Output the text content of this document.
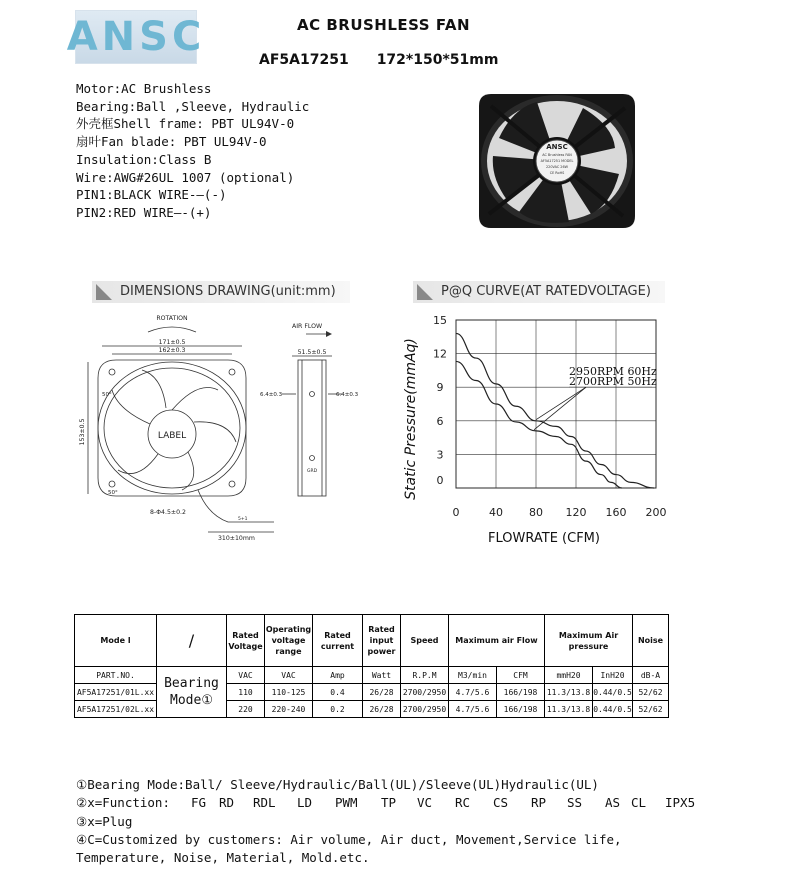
ANSC	AC BRUSHLESS FAN
AF5A17251 172*150*51mm
Motor:AC Brushless
Bearing:Ball ,Sleeve, Hydraulic
外壳框Shell frame: PBT UL94V-0
扇叶Fan blade: PBT UL94V-0
Insulation:Class B
Wire:AWG#26UL 1007 (optional)
PIN1:BLACK WIRE-—(-)
PIN2:RED WIRE—-(+)
ANSC
AC Brushless FAN
AF5A17251 MODEL
220VAC 26W
CE RoHS
DIMENSIONS DRAWING(unit:mm)	P@Q CURVE(AT RATEDVOLTAGE)
ROTATION
171±0.5
162±0.3
153±0.5	LABEL
50°
50°
8-Φ4.5±0.2
310±10mm
5+1
AIR FLOW
51.5±0.5
6.4±0.3	6.4±0.3
GRD
0	40 80 120 160 200
0
3
6
9
12
15
2950RPM 60Hz
2700RPM 50Hz
FLOWRATE (CFM)
Static Pressure(mmAq)
Mode l	/	Rated Voltage	Operating voltage range	Rated current	Rated input power	Speed	Maximum air Flow		Maximum Air pressure		Noise
PART.NO.	Bearing Mode①	VAC	VAC	Amp	Watt	R.P.M	M3/min	CFM	mmH20	InH20	dB-A
AF5A17251/01L.xx		110	110-125	0.4	26/28	2700/2950	4.7/5.6	166/198	11.3/13.8	0.44/0.5	52/62
AF5A17251/02L.xx		220	220-240	0.2	26/28	2700/2950	4.7/5.6	166/198	11.3/13.8	0.44/0.5	52/62
①Bearing Mode:Ball/ Sleeve/Hydraulic/Ball(UL)/Sleeve(UL)Hydraulic(UL)
②x=Function:	FG	RD	RDL	LD	PWM	TP	VC	RC	CS	RP	SS	AS CL	IPX5
③x=Plug
④C=Customized by customers: Air volume, Air duct, Movement,Service life,
Temperature, Noise, Material, Mold.etc.
